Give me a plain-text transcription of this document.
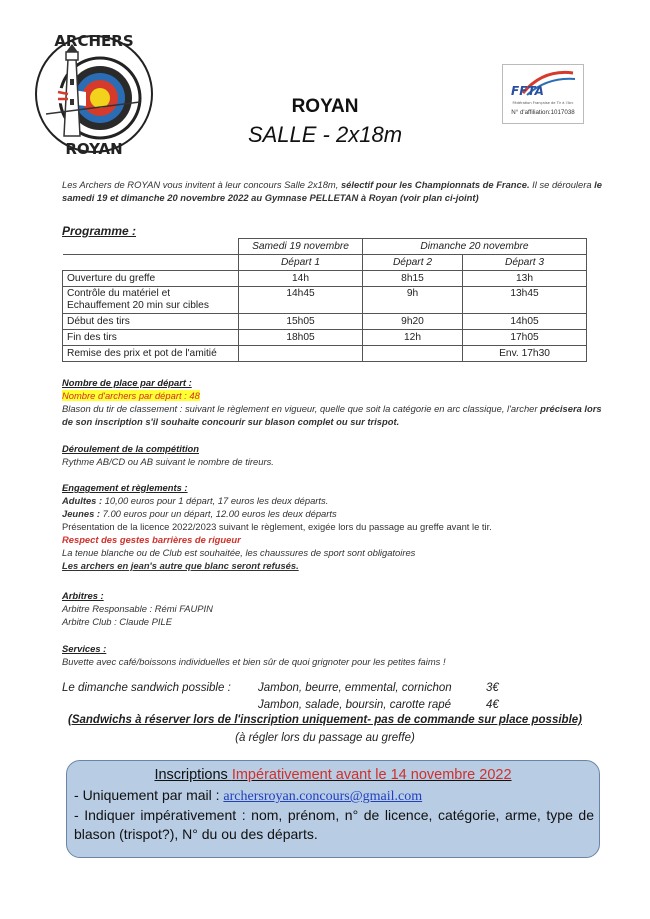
ARCHERS
ROYAN
FFTA
Fédération Française de Tir à l'Arc
N° d'affiliation:1017038
ROYAN
SALLE - 2x18m
Les Archers de ROYAN vous invitent à leur concours Salle 2x18m, sélectif pour les Championnats de France. Il se déroulera le samedi 19 et dimanche 20 novembre 2022 au Gymnase PELLETAN à Royan (voir plan ci-joint)
Programme :
	Samedi 19 novembre	Dimanche 20 novembre	
	Départ 1	Départ 2	Départ 3
Ouverture du greffe	14h	8h15	13h

Contrôle du matériel et
Echauffement 20 min sur cibles	14h45	9h	13h45
Début des tirs	15h05	9h20	14h05
Fin des tirs	18h05	12h	17h05
Remise des prix et pot de l'amitié			Env. 17h30
Nombre de place par départ :
Nombre d'archers par départ : 48
Blason du tir de classement : suivant le règlement en vigueur, quelle que soit la catégorie en arc classique, l'archer précisera lors de son inscription s'il souhaite concourir sur blason complet ou sur trispot.
Déroulement de la compétition
Rythme AB/CD ou AB suivant le nombre de tireurs.
Engagement et règlements :
Adultes : 10,00 euros pour 1 départ, 17 euros les deux départs.
Jeunes : 7.00 euros pour un départ, 12.00 euros les deux départs
Présentation de la licence 2022/2023 suivant le règlement, exigée lors du passage au greffe avant le tir.
Respect des gestes barrières de rigueur
La tenue blanche ou de Club est souhaitée, les chaussures de sport sont obligatoires
Les archers en jean's autre que blanc seront refusés.
Arbitres :
Arbitre Responsable : Rémi FAUPIN
Arbitre Club : Claude PILE
Services :
Buvette avec café/boissons individuelles et bien sûr de quoi grignoter pour les petites faims !
Le dimanche sandwich possible : Jambon, beurre, emmental, cornichon	3€
Jambon, salade, boursin, carotte rapé	4€
(Sandwichs à réserver lors de l'inscription uniquement- pas de commande sur place possible)
(à régler lors du passage au greffe)
Inscriptions Impérativement avant le 14 novembre 2022
- Uniquement par mail : archersroyan.concours@gmail.com
- Indiquer impérativement : nom, prénom, n° de licence, catégorie, arme, type de blason (trispot?), N° du ou des départs.
